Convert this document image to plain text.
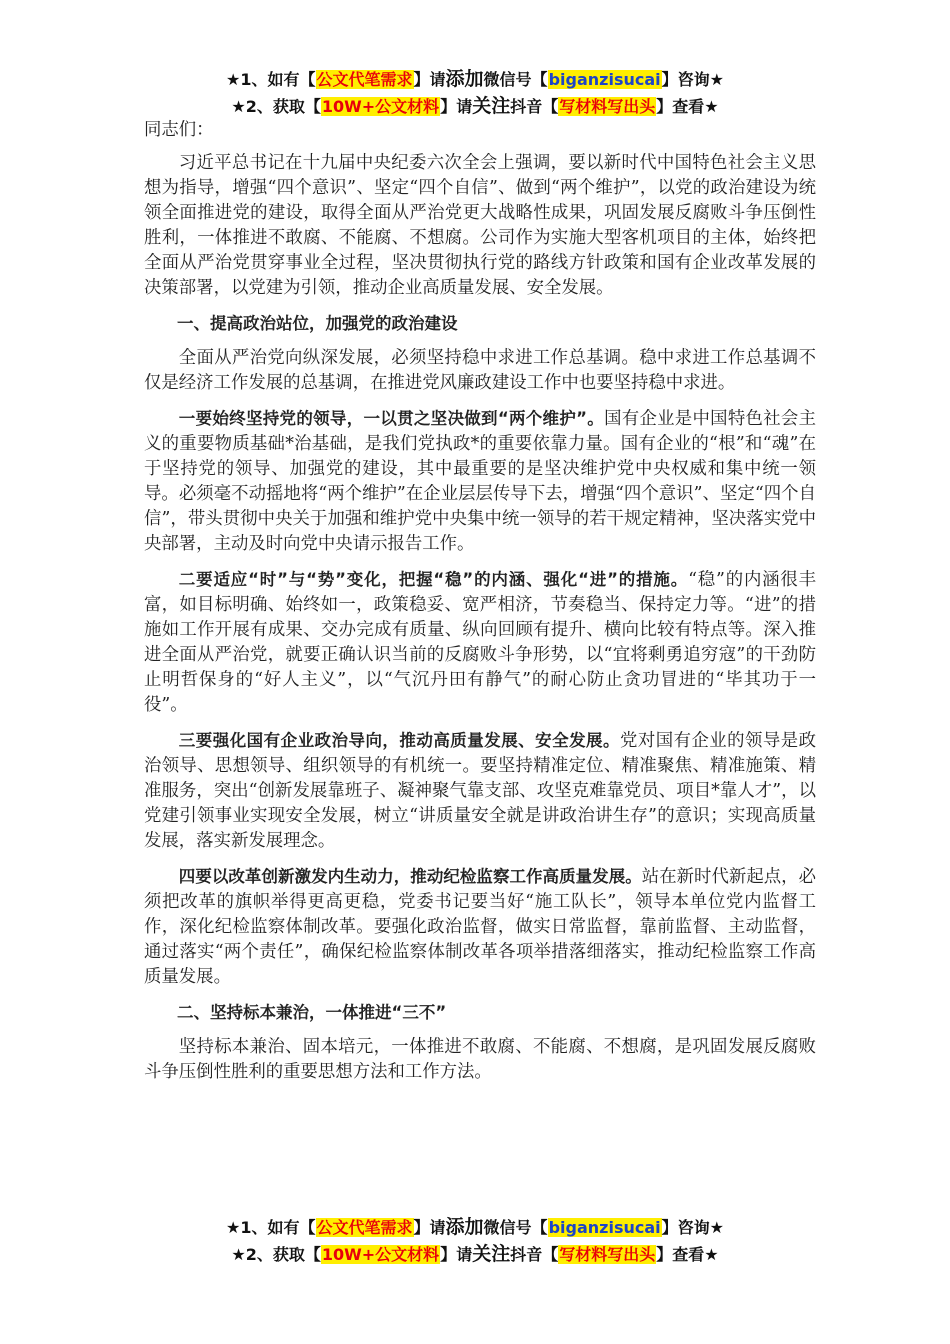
★1、如有【公文代笔需求】请添加微信号【biganzisucai】咨询★
★2、获取【10W+公文材料】请关注抖音【写材料写出头】查看★

同志们：

习近平总书记在十九届中央纪委六次全会上强调，要以新时代中国特色社会主义思想为指导，增强“四个意识”、坚定“四个自信”、做到“两个维护”，以党的政治建设为统领全面推进党的建设，取得全面从严治党更大战略性成果，巩固发展反腐败斗争压倒性胜利，一体推进不敢腐、不能腐、不想腐。公司作为实施大型客机项目的主体，始终把全面从严治党贯穿事业全过程，坚决贯彻执行党的路线方针政策和国有企业改革发展的决策部署，以党建为引领，推动企业高质量发展、安全发展。

一、提高政治站位，加强党的政治建设

全面从严治党向纵深发展，必须坚持稳中求进工作总基调。稳中求进工作总基调不仅是经济工作发展的总基调，在推进党风廉政建设工作中也要坚持稳中求进。

一要始终坚持党的领导，一以贯之坚决做到“两个维护”。国有企业是中国特色社会主义的重要物质基础*治基础，是我们党执政*的重要依靠力量。国有企业的“根”和“魂”在于坚持党的领导、加强党的建设，其中最重要的是坚决维护党中央权威和集中统一领导。必须毫不动摇地将“两个维护”在企业层层传导下去，增强“四个意识”、坚定“四个自信”，带头贯彻中央关于加强和维护党中央集中统一领导的若干规定精神，坚决落实党中央部署，主动及时向党中央请示报告工作。

二要适应“时”与“势”变化，把握“稳”的内涵、强化“进”的措施。“稳”的内涵很丰富，如目标明确、始终如一，政策稳妥、宽严相济，节奏稳当、保持定力等。“进”的措施如工作开展有成果、交办完成有质量、纵向回顾有提升、横向比较有特点等。深入推进全面从严治党，就要正确认识当前的反腐败斗争形势，以“宜将剩勇追穷寇”的干劲防止明哲保身的“好人主义”，以“气沉丹田有静气”的耐心防止贪功冒进的“毕其功于一役”。

三要强化国有企业政治导向，推动高质量发展、安全发展。党对国有企业的领导是政治领导、思想领导、组织领导的有机统一。要坚持精准定位、精准聚焦、精准施策、精准服务，突出“创新发展靠班子、凝神聚气靠支部、攻坚克难靠党员、项目*靠人才”，以党建引领事业实现安全发展，树立“讲质量安全就是讲政治讲生存”的意识；实现高质量发展，落实新发展理念。

四要以改革创新激发内生动力，推动纪检监察工作高质量发展。站在新时代新起点，必须把改革的旗帜举得更高更稳，党委书记要当好“施工队长”，领导本单位党内监督工作，深化纪检监察体制改革。要强化政治监督，做实日常监督，靠前监督、主动监督，通过落实“两个责任”，确保纪检监察体制改革各项举措落细落实，推动纪检监察工作高质量发展。

二、坚持标本兼治，一体推进“三不”

坚持标本兼治、固本培元，一体推进不敢腐、不能腐、不想腐，是巩固发展反腐败斗争压倒性胜利的重要思想方法和工作方法。

★1、如有【公文代笔需求】请添加微信号【biganzisucai】咨询★
★2、获取【10W+公文材料】请关注抖音【写材料写出头】查看★
